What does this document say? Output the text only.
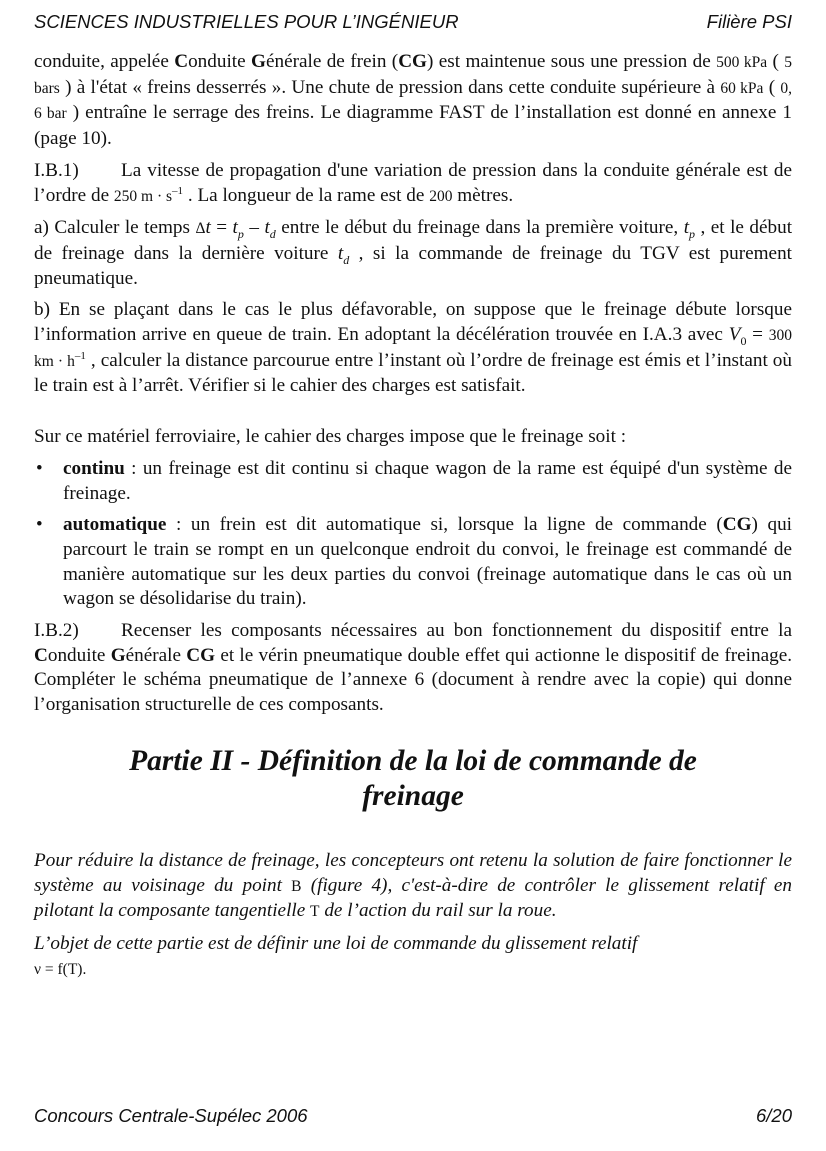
SCIENCES INDUSTRIELLES POUR L’INGÉNIEUR	Filière PSI

conduite, appelée Conduite Générale de frein (CG) est maintenue sous une pression de 500 kPa ( 5 bars ) à l'état « freins desserrés ». Une chute de pression dans cette conduite supérieure à 60 kPa ( 0, 6 bar ) entraîne le serrage des freins. Le diagramme FAST de l’installation est donné en annexe 1 (page 10).

I.B.1) La vitesse de propagation d'une variation de pression dans la conduite générale est de l’ordre de 250 $m \cdot s^{-1}$ . La longueur de la rame est de 200 mètres.

a) Calculer le temps $\Delta t = t_p - t_d$ entre le début du freinage dans la première voiture, $t_p$ , et le début de freinage dans la dernière voiture $t_d$ , si la commande de freinage du TGV est purement pneumatique.

b) En se plaçant dans le cas le plus défavorable, on suppose que le freinage débute lorsque l’information arrive en queue de train. En adoptant la décélération trouvée en I.A.3 avec $V_0 = 300$ km · $h^{-1}$ , calculer la distance parcourue entre l’instant où l’ordre de freinage est émis et l’instant où le train est à l’arrêt. Vérifier si le cahier des charges est satisfait.

Sur ce matériel ferroviaire, le cahier des charges impose que le freinage soit :

• continu : un freinage est dit continu si chaque wagon de la rame est équipé d'un système de freinage.
• automatique : un frein est dit automatique si, lorsque la ligne de commande (CG) qui parcourt le train se rompt en un quelconque endroit du convoi, le freinage est commandé de manière automatique sur les deux parties du convoi (freinage automatique dans le cas où un wagon se désolidarise du train).

I.B.2) Recenser les composants nécessaires au bon fonctionnement du dispositif entre la Conduite Générale CG et le vérin pneumatique double effet qui actionne le dispositif de freinage. Compléter le schéma pneumatique de l’annexe 6 (document à rendre avec la copie) qui donne l’organisation structurelle de ces composants.

Partie II - Définition de la loi de commande de
freinage

Pour réduire la distance de freinage, les concepteurs ont retenu la solution de faire fonctionner le système au voisinage du point B (figure 4), c'est-à-dire de contrôler le glissement relatif en pilotant la composante tangentielle T de l’action du rail sur la roue.

L’objet de cette partie est de définir une loi de commande du glissement relatif
ν = f(T).

Concours Centrale-Supélec 2006	6/20
